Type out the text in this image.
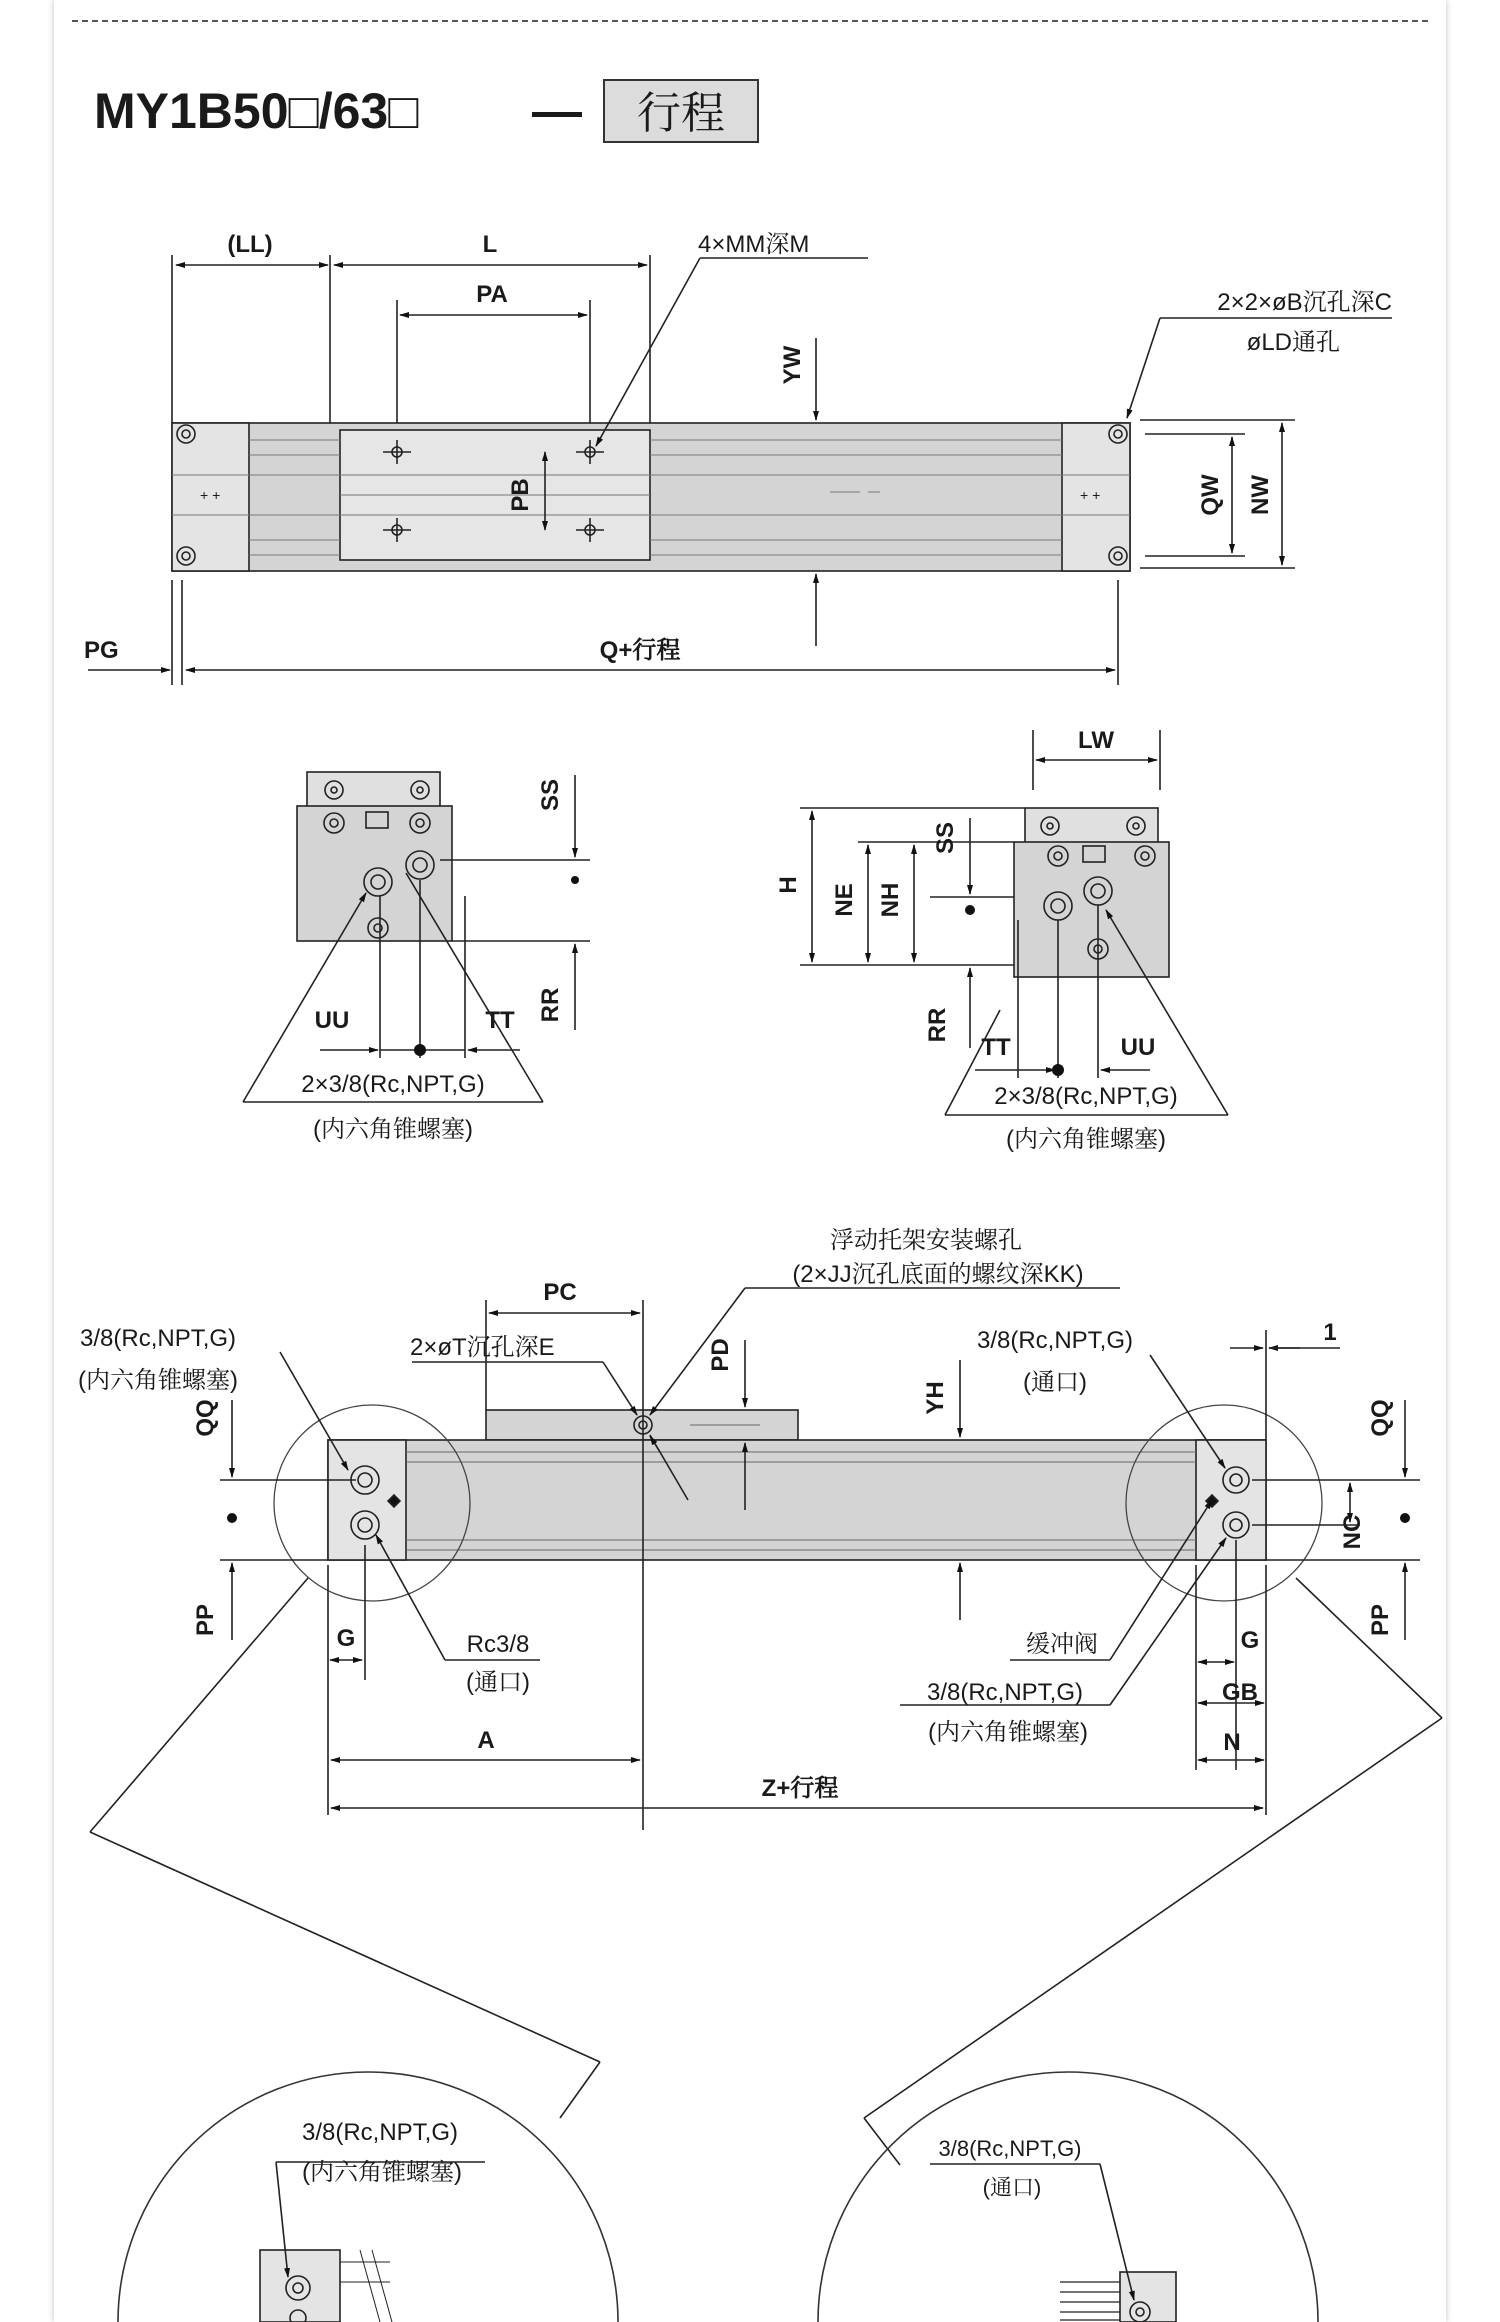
MY1B50□/63□ — 行程
+ +	+ +
(LL)	L
PA
PB
4×MM深M
YW
2×2×øB沉孔深C
øLD通孔
QW NW
PG	Q+行程
SS
RR
UU	TT
2×3/8(Rc,NPT,G)
(内六角锥螺塞)
LW
H NE NH
SS
RR
TT	UU
2×3/8(Rc,NPT,G)
(内六角锥螺塞)
3/8(Rc,NPT,G)
(内六角锥螺塞)
QQ
PP
PC
2×øT沉孔深E
浮动托架安装螺孔
(2×JJ沉孔底面的螺纹深KK)
PD
YH
3/8(Rc,NPT,G)
(通口)
1
QQ
PP
NC
G	Rc3/8
(通口)
缓冲阀
3/8(Rc,NPT,G)
(内六角锥螺塞)
G
GB
N
A
Z+行程
3/8(Rc,NPT,G)
(内六角锥螺塞)
3/8(Rc,NPT,G)
(通口)
